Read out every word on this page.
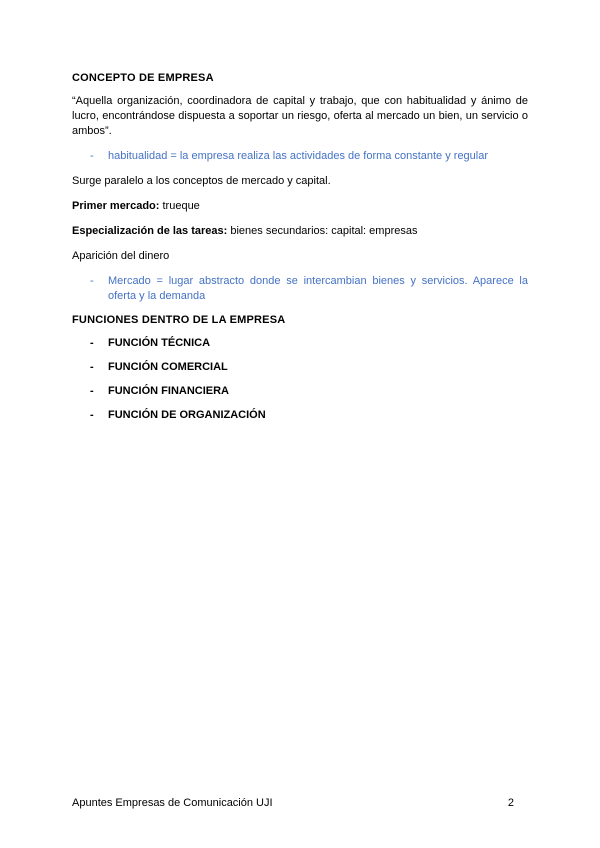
CONCEPTO DE EMPRESA

“Aquella organización, coordinadora de capital y trabajo, que con habitualidad y ánimo de lucro, encontrándose dispuesta a soportar un riesgo, oferta al mercado un bien, un servicio o ambos”.

- habitualidad = la empresa realiza las actividades de forma constante y regular

Surge paralelo a los conceptos de mercado y capital.

Primer mercado: trueque

Especialización de las tareas: bienes secundarios: capital: empresas

Aparición del dinero

- Mercado = lugar abstracto donde se intercambian bienes y servicios. Aparece la oferta y la demanda
FUNCIONES DENTRO DE LA EMPRESA
- FUNCIÓN TÉCNICA
- FUNCIÓN COMERCIAL
- FUNCIÓN FINANCIERA
- FUNCIÓN DE ORGANIZACIÓN
Apuntes Empresas de Comunicación UJI	2
